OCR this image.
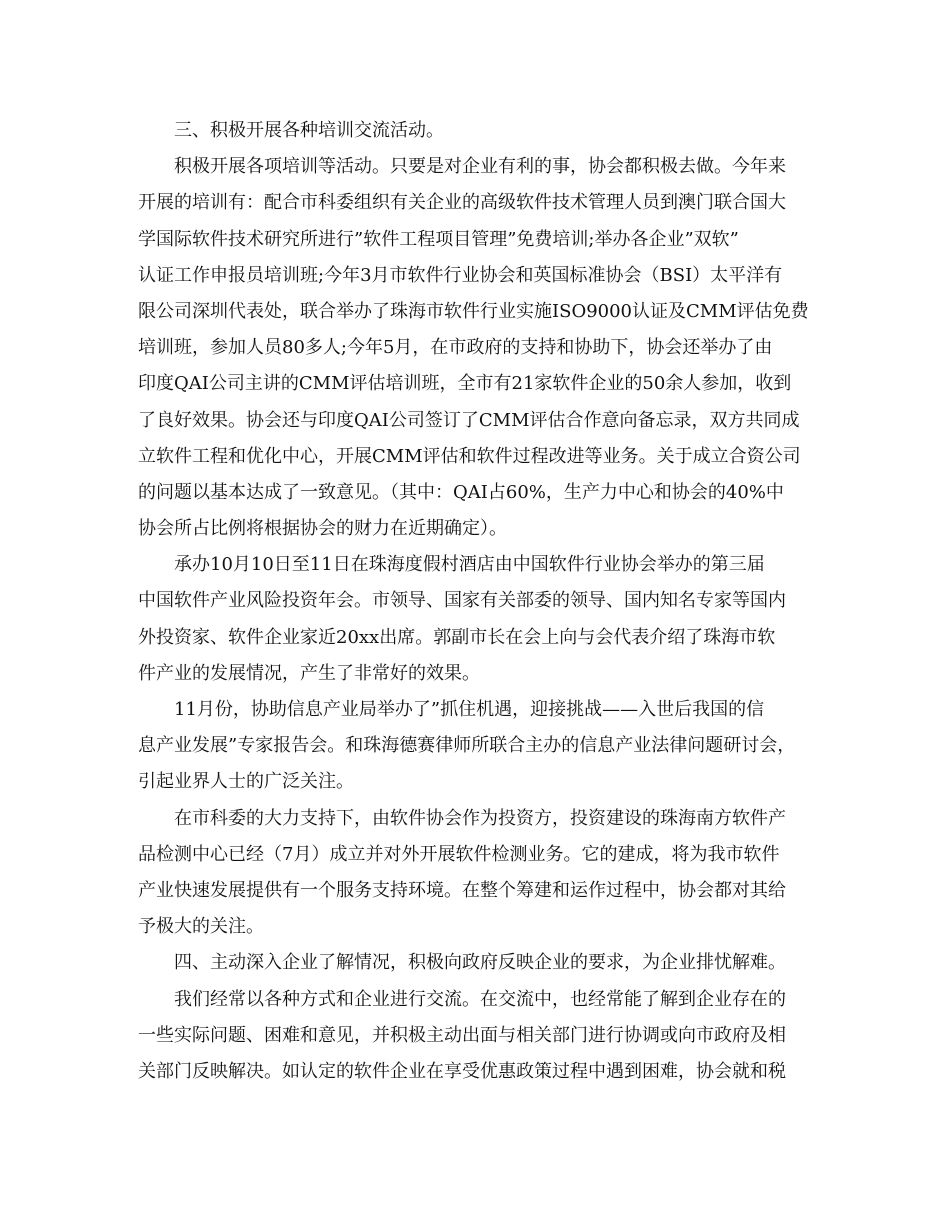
三、积极开展各种培训交流活动。
积极开展各项培训等活动。只要是对企业有利的事，协会都积极去做。今年来
开展的培训有：配合市科委组织有关企业的高级软件技术管理人员到澳门联合国大
学国际软件技术研究所进行”软件工程项目管理”免费培训;举办各企业”双软”
认证工作申报员培训班;今年3月市软件行业协会和英国标准协会（BSI）太平洋有
限公司深圳代表处，联合举办了珠海市软件行业实施ISO9000认证及CMM评估免费
培训班，参加人员80多人;今年5月，在市政府的支持和协助下，协会还举办了由
印度QAI公司主讲的CMM评估培训班，全市有21家软件企业的50余人参加，收到
了良好效果。协会还与印度QAI公司签订了CMM评估合作意向备忘录，双方共同成
立软件工程和优化中心，开展CMM评估和软件过程改进等业务。关于成立合资公司
的问题以基本达成了一致意见。（其中：QAI占60%，生产力中心和协会的40%中
协会所占比例将根据协会的财力在近期确定）。
承办10月10日至11日在珠海度假村酒店由中国软件行业协会举办的第三届
中国软件产业风险投资年会。市领导、国家有关部委的领导、国内知名专家等国内
外投资家、软件企业家近20xx出席。郭副市长在会上向与会代表介绍了珠海市软
件产业的发展情况，产生了非常好的效果。
11月份，协助信息产业局举办了”抓住机遇，迎接挑战——入世后我国的信
息产业发展”专家报告会。和珠海德赛律师所联合主办的信息产业法律问题研讨会，
引起业界人士的广泛关注。
在市科委的大力支持下，由软件协会作为投资方，投资建设的珠海南方软件产
品检测中心已经（7月）成立并对外开展软件检测业务。它的建成，将为我市软件
产业快速发展提供有一个服务支持环境。在整个筹建和运作过程中，协会都对其给
予极大的关注。
四、主动深入企业了解情况，积极向政府反映企业的要求，为企业排忧解难。
我们经常以各种方式和企业进行交流。在交流中，也经常能了解到企业存在的
一些实际问题、困难和意见，并积极主动出面与相关部门进行协调或向市政府及相
关部门反映解决。如认定的软件企业在享受优惠政策过程中遇到困难，协会就和税
